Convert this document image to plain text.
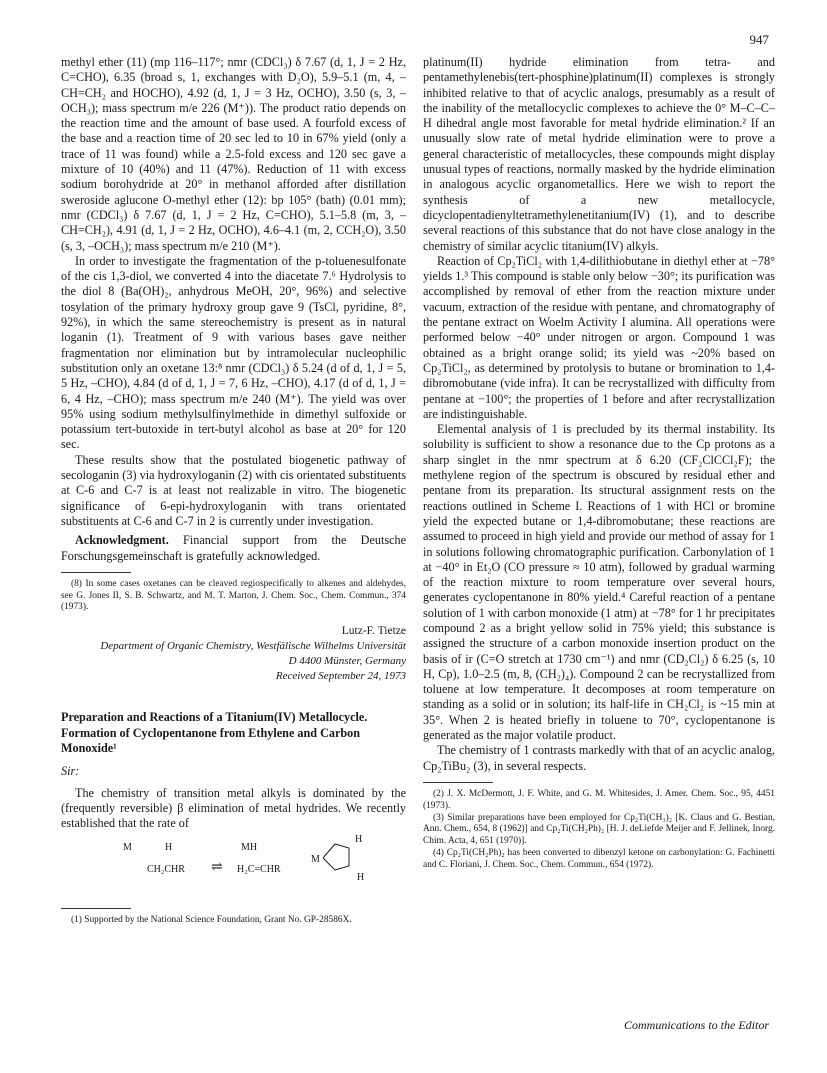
947

methyl ether (11) (mp 116–117°; nmr (CDCl₃) δ 7.67 (d, 1, J = 2 Hz, C=CHO), 6.35 (broad s, 1, exchanges with D₂O), 5.9–5.1 (m, 4, –CH=CH₂ and HOCHO), 4.92 (d, 1, J = 3 Hz, OCHO), 3.50 (s, 3, –OCH₃); mass spectrum m/e 226 (M⁺)). The product ratio depends on the reaction time and the amount of base used. A fourfold excess of the base and a reaction time of 20 sec led to 10 in 67% yield (only a trace of 11 was found) while a 2.5-fold excess and 120 sec gave a mixture of 10 (40%) and 11 (47%). Reduction of 11 with excess sodium borohydride at 20° in methanol afforded after distillation sweroside aglucone O-methyl ether (12): bp 105° (bath) (0.01 mm); nmr (CDCl₃) δ 7.67 (d, 1, J = 2 Hz, C=CHO), 5.1–5.8 (m, 3, –CH=CH₂), 4.91 (d, 1, J = 2 Hz, OCHO), 4.6–4.1 (m, 2, CCH₂O), 3.50 (s, 3, –OCH₃); mass spectrum m/e 210 (M⁺).

In order to investigate the fragmentation of the p-toluenesulfonate of the cis 1,3-diol, we converted 4 into the diacetate 7.⁶ Hydrolysis to the diol 8 (Ba(OH)₂, anhydrous MeOH, 20°, 96%) and selective tosylation of the primary hydroxy group gave 9 (TsCl, pyridine, 8°, 92%), in which the same stereochemistry is present as in natural loganin (1). Treatment of 9 with various bases gave neither fragmentation nor elimination but by intramolecular nucleophilic substitution only an oxetane 13:⁸ nmr (CDCl₃) δ 5.24 (d of d, 1, J = 5, 5 Hz, –CHO), 4.84 (d of d, 1, J = 7, 6 Hz, –CHO), 4.17 (d of d, 1, J = 6, 4 Hz, –CHO); mass spectrum m/e 240 (M⁺). The yield was over 95% using sodium methylsulfinylmethide in dimethyl sulfoxide or potassium tert-butoxide in tert-butyl alcohol as base at 20° for 120 sec.

These results show that the postulated biogenetic pathway of secologanin (3) via hydroxyloganin (2) with cis orientated substituents at C-6 and C-7 is at least not realizable in vitro. The biogenetic significance of 6-epi-hydroxyloganin with trans orientated substituents at C-6 and C-7 in 2 is currently under investigation.

Acknowledgment. Financial support from the Deutsche Forschungsgemeinschaft is gratefully acknowledged.

(8) In some cases oxetanes can be cleaved regiospecifically to alkenes and aldehydes, see G. Jones II, S. B. Schwartz, and M. T. Marton, J. Chem. Soc., Chem. Commun., 374 (1973).

Lutz-F. Tietze

Department of Organic Chemistry, Westfälische Wilhelms Universität
D 4400 Münster, Germany
Received September 24, 1973

Preparation and Reactions of a Titanium(IV) Metallocycle. Formation of Cyclopentanone from Ethylene and Carbon Monoxide¹

Sir:

The chemistry of transition metal alkyls is dominated by the (frequently reversible) β elimination of metal hydrides. We recently established that the rate of

M	H
CH₂CHR ⇌
MH
H₂C=CHR
M
H
H

(1) Supported by the National Science Foundation, Grant No. GP-28586X.

platinum(II) hydride elimination from tetra- and pentamethylenebis(tert-phosphine)platinum(II) complexes is strongly inhibited relative to that of acyclic analogs, presumably as a result of the inability of the metallocyclic complexes to achieve the 0° M–C–C–H dihedral angle most favorable for metal hydride elimination.² If an unusually slow rate of metal hydride elimination were to prove a general characteristic of metallocycles, these compounds might display unusual types of reactions, normally masked by the hydride elimination in analogous acyclic organometallics. Here we wish to report the synthesis of a new metallocycle, dicyclopentadienyltetramethylenetitanium(IV) (1), and to describe several reactions of this substance that do not have close analogy in the chemistry of similar acyclic titanium(IV) alkyls.

Reaction of Cp₂TiCl₂ with 1,4-dilithiobutane in diethyl ether at −78° yields 1.³ This compound is stable only below −30°; its purification was accomplished by removal of ether from the reaction mixture under vacuum, extraction of the residue with pentane, and chromatography of the pentane extract on Woelm Activity I alumina. All operations were performed below −40° under nitrogen or argon. Compound 1 was obtained as a bright orange solid; its yield was ~20% based on Cp₂TiCl₂, as determined by protolysis to butane or bromination to 1,4-dibromobutane (vide infra). It can be recrystallized with difficulty from pentane at −100°; the properties of 1 before and after recrystallization are indistinguishable.

Elemental analysis of 1 is precluded by its thermal instability. Its solubility is sufficient to show a resonance due to the Cp protons as a sharp singlet in the nmr spectrum at δ 6.20 (CF₂ClCCl₂F); the methylene region of the spectrum is obscured by residual ether and pentane from its preparation. Its structural assignment rests on the reactions outlined in Scheme I. Reactions of 1 with HCl or bromine yield the expected butane or 1,4-dibromobutane; these reactions are assumed to proceed in high yield and provide our method of assay for 1 in solutions following chromatographic purification. Carbonylation of 1 at −40° in Et₂O (CO pressure ≈ 10 atm), followed by gradual warming of the reaction mixture to room temperature over several hours, generates cyclopentanone in 80% yield.⁴ Careful reaction of a pentane solution of 1 with carbon monoxide (1 atm) at −78° for 1 hr precipitates compound 2 as a bright yellow solid in 75% yield; this substance is assigned the structure of a carbon monoxide insertion product on the basis of ir (C=O stretch at 1730 cm⁻¹) and nmr (CD₂Cl₂) δ 6.25 (s, 10 H, Cp), 1.0–2.5 (m, 8, (CH₂)₄). Compound 2 can be recrystallized from toluene at low temperature. It decomposes at room temperature on standing as a solid or in solution; its half-life in CH₂Cl₂ is ~15 min at 35°. When 2 is heated briefly in toluene to 70°, cyclopentanone is generated as the major volatile product.

The chemistry of 1 contrasts markedly with that of an acyclic analog, Cp₂TiBu₂ (3), in several respects.

(2) J. X. McDermott, J. F. White, and G. M. Whitesides, J. Amer. Chem. Soc., 95, 4451 (1973).

(3) Similar preparations have been employed for Cp₂Ti(CH₃)₂ [K. Claus and G. Bestian, Ann. Chem., 654, 8 (1962)] and Cp₂Ti(CH₂Ph)₂ [H. J. deLiefde Meijer and F. Jellinek, Inorg. Chim. Acta, 4, 651 (1970)].

(4) Cp₂Ti(CH₂Ph)₂ has been converted to dibenzyl ketone on carbonylation: G. Fachinetti and C. Floriani, J. Chem. Soc., Chem. Commun., 654 (1972).

Communications to the Editor
